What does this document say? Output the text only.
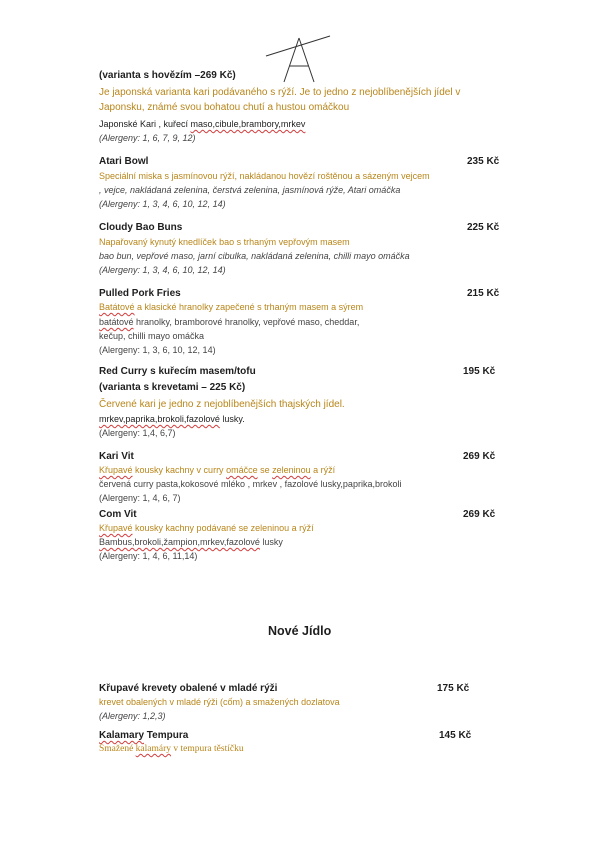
(varianta s hovězím –269 Kč)
Je japonská varianta kari podávaného s rýží. Je to jedno z nejoblíbenějších jídel v
Japonsku, známé svou bohatou chutí a hustou omáčkou
Japonské Kari , kuřecí maso,cibule,brambory,mrkev
(Alergeny: 1, 6, 7, 9, 12)
Atari Bowl	235 Kč
Speciální miska s jasmínovou rýží, nakládanou hovězí roštěnou a sázeným vejcem
, vejce, nakládaná zelenina, čerstvá zelenina, jasmínová rýže, Atari omáčka
(Alergeny: 1, 3, 4, 6, 10, 12, 14)
Cloudy Bao Buns	225 Kč
Napařovaný kynutý knedlíček bao s trhaným vepřovým masem
bao bun, vepřové maso, jarní cibulka, nakládaná zelenina, chilli mayo omáčka
(Alergeny: 1, 3, 4, 6, 10, 12, 14)
Pulled Pork Fries	215 Kč
Batátové a klasické hranolky zapečené s trhaným masem a sýrem
batátové hranolky, bramborové hranolky, vepřové maso, cheddar,
kečup, chilli mayo omáčka
(Alergeny: 1, 3, 6, 10, 12, 14)
Red Curry s kuřecím masem/tofu	195 Kč
(varianta s krevetami – 225 Kč)
Červené kari je jedno z nejoblíbenějších thajských jídel.
mrkev,paprika,brokoli,fazolové lusky.
(Alergeny: 1,4, 6,7)
Kari Vit	269 Kč
Křupavé kousky kachny v curry omáčce se zeleninou a rýží
červená curry pasta,kokosové mléko , mrkev , fazolové lusky,paprika,brokoli
(Alergeny: 1, 4, 6, 7)
Com Vit	269 Kč
Křupavé kousky kachny podávané se zeleninou a rýží
Bambus,brokoli,žampion,mrkev,fazolové lusky
(Alergeny: 1, 4, 6, 11,14)
Nové Jídlo
Křupavé krevety obalené v mladé rýži	175 Kč
krevet obalených v mladé rýži (cốm) a smažených dozlatova
(Alergeny: 1,2,3)
Kalamary Tempura	145 Kč
Smažené kalamáry v tempura těstíčku
